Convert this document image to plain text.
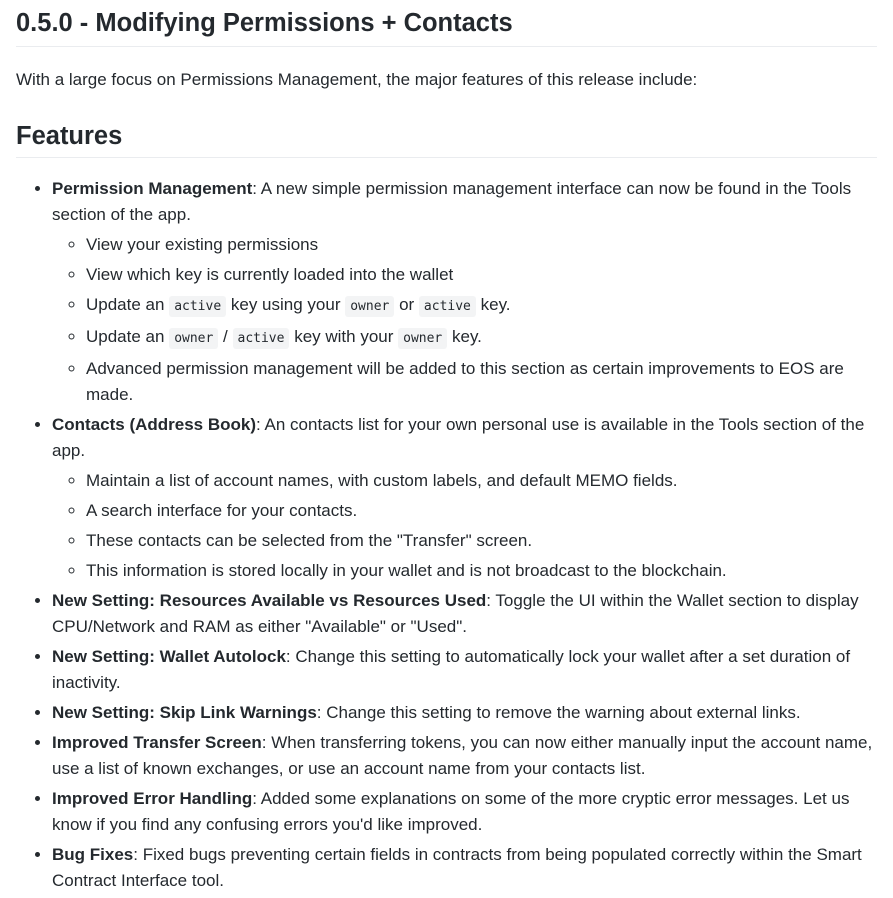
0.5.0 - Modifying Permissions + Contacts

With a large focus on Permissions Management, the major features of this release include:

Features
• Permission Management: A new simple permission management interface can now be found in the Tools section of the app.
◦ View your existing permissions
◦ View which key is currently loaded into the wallet
◦ Update an active key using your owner or active key.
◦ Update an owner / active key with your owner key.
◦ Advanced permission management will be added to this section as certain improvements to EOS are made.
• Contacts (Address Book): An contacts list for your own personal use is available in the Tools section of the app.
◦ Maintain a list of account names, with custom labels, and default MEMO fields.
◦ A search interface for your contacts.
◦ These contacts can be selected from the "Transfer" screen.
◦ This information is stored locally in your wallet and is not broadcast to the blockchain.
• New Setting: Resources Available vs Resources Used: Toggle the UI within the Wallet section to display CPU/Network and RAM as either "Available" or "Used".
• New Setting: Wallet Autolock: Change this setting to automatically lock your wallet after a set duration of inactivity.
• New Setting: Skip Link Warnings: Change this setting to remove the warning about external links.
• Improved Transfer Screen: When transferring tokens, you can now either manually input the account name, use a list of known exchanges, or use an account name from your contacts list.
• Improved Error Handling: Added some explanations on some of the more cryptic error messages. Let us know if you find any confusing errors you'd like improved.
• Bug Fixes: Fixed bugs preventing certain fields in contracts from being populated correctly within the Smart Contract Interface tool.
